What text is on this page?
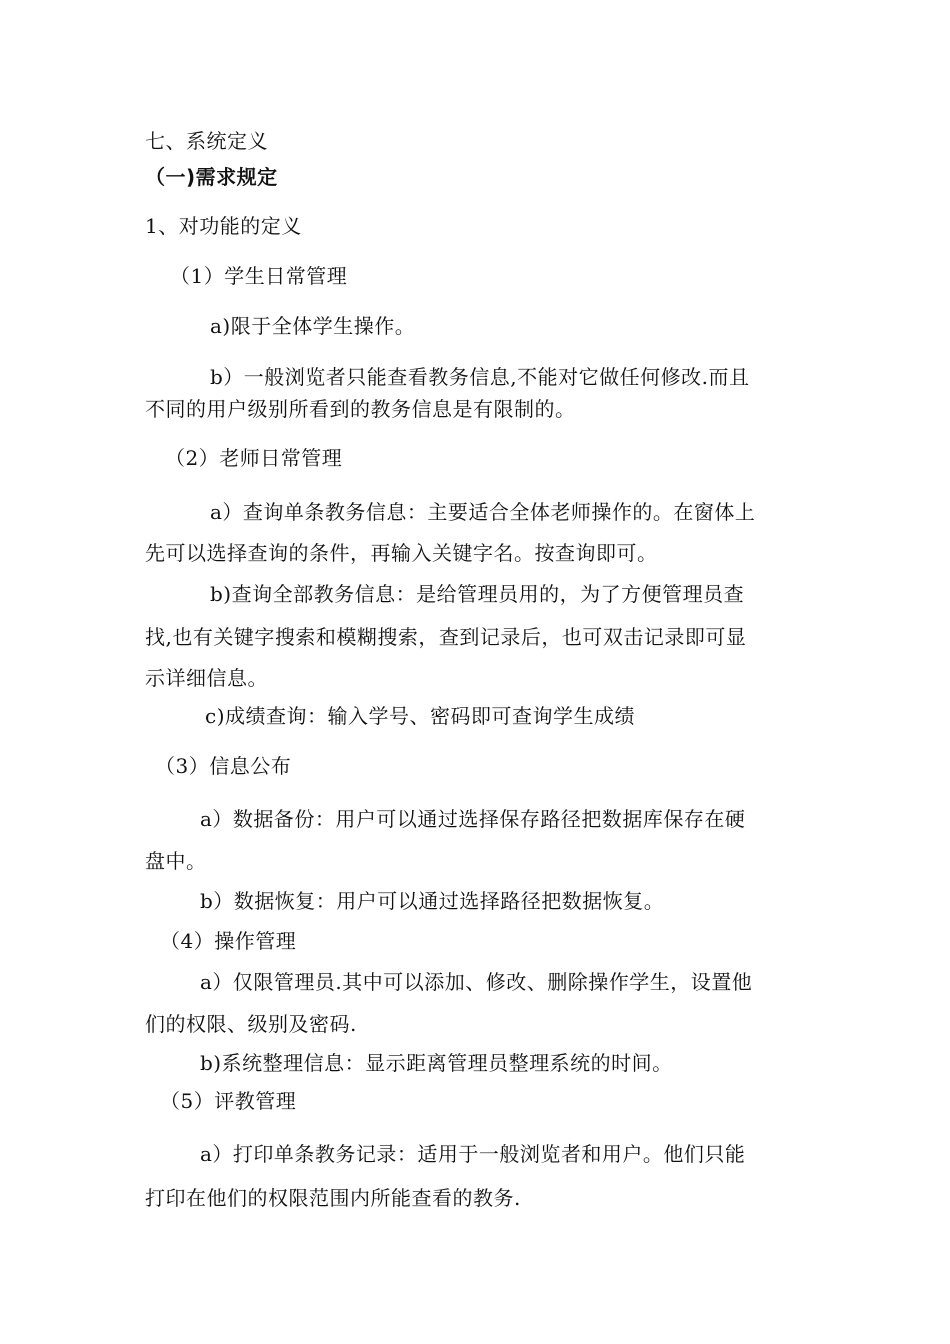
七、系统定义
（一)需求规定
1、对功能的定义
（1）学生日常管理
a)限于全体学生操作。
b）一般浏览者只能查看教务信息,不能对它做任何修改.而且
不同的用户级别所看到的教务信息是有限制的。
（2）老师日常管理
a）查询单条教务信息：主要适合全体老师操作的。在窗体上
先可以选择查询的条件，再输入关键字名。按查询即可。
b)查询全部教务信息：是给管理员用的，为了方便管理员查
找,也有关键字搜索和模糊搜索，查到记录后，也可双击记录即可显
示详细信息。
c)成绩查询：输入学号、密码即可查询学生成绩
（3）信息公布
a）数据备份：用户可以通过选择保存路径把数据库保存在硬
盘中。
b）数据恢复：用户可以通过选择路径把数据恢复。
（4）操作管理
a）仅限管理员.其中可以添加、修改、删除操作学生，设置他
们的权限、级别及密码.
b)系统整理信息：显示距离管理员整理系统的时间。
（5）评教管理
a）打印单条教务记录：适用于一般浏览者和用户。他们只能
打印在他们的权限范围内所能查看的教务.
